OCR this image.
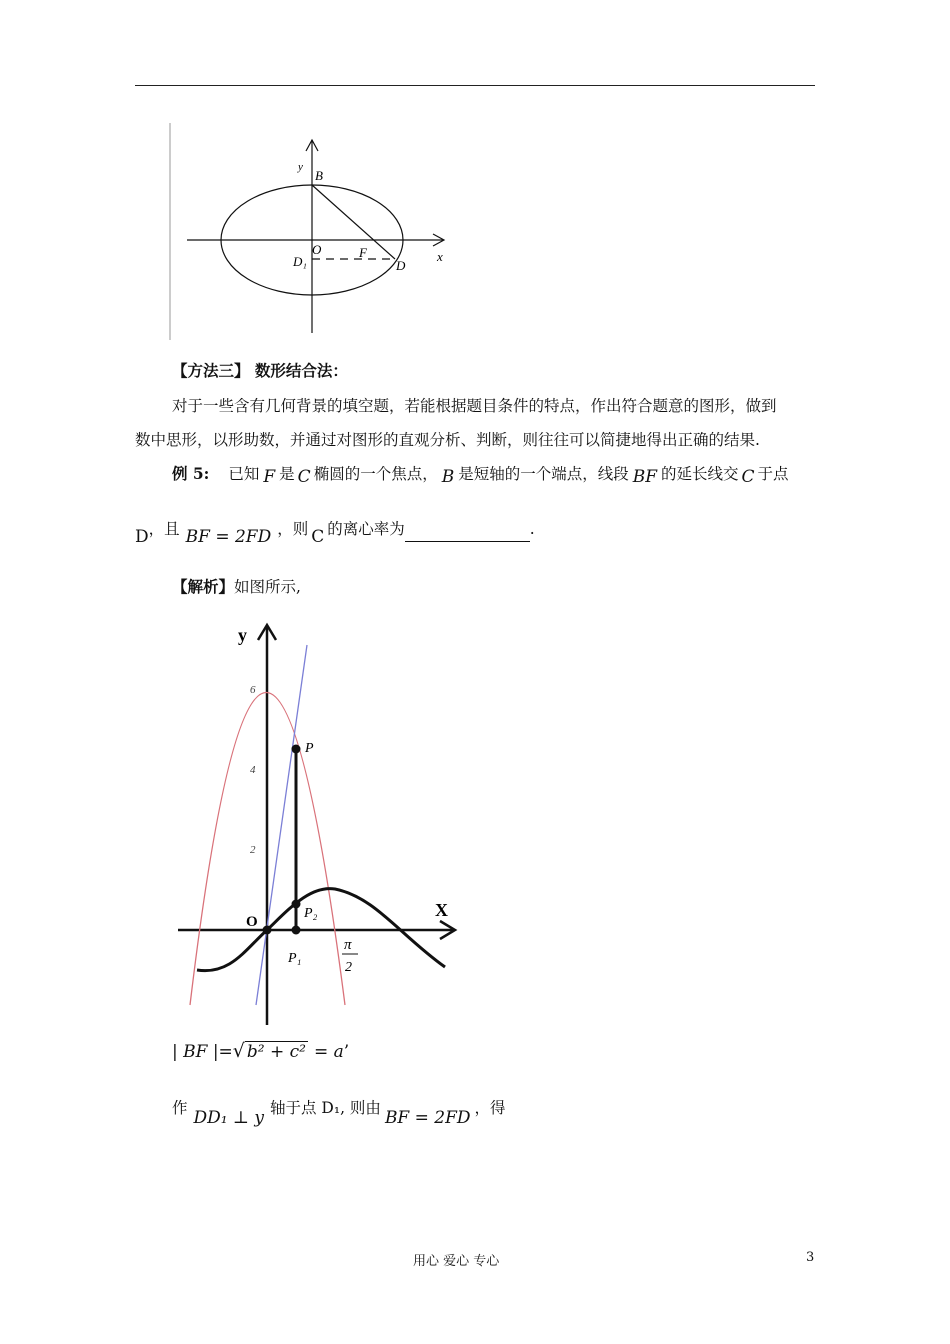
y
B
O	F
D
D₁	x
【方法三】 数形结合法：
对于一些含有几何背景的填空题，若能根据题目条件的特点，作出符合题意的图形，做到
数中思形，以形助数，并通过对图形的直观分析、判断，则往往可以简捷地得出正确的结果.
例 5: 已知 F 是 C 椭圆的一个焦点， B 是短轴的一个端点，线段 BF 的延长线交 C 于点
D，且 BF = 2FD ，则 C 的离心率为	.
【解析】如图所示,
6
4
2
y
X
O
P
P₂
P₁
π
2
| BF |=√ b² + c² = a’
作 DD₁ ⊥ y 轴于点 D₁, 则由 BF = 2FD ，得
用心 爱心 专心	3
